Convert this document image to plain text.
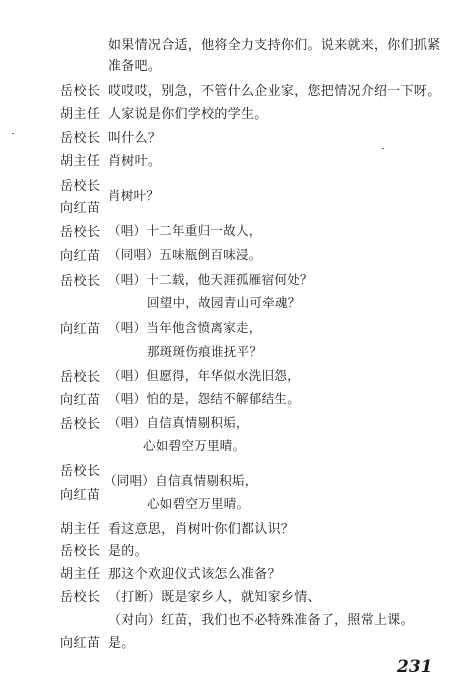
如果情况合适，他将全力支持你们。说来就来，你们抓紧
准备吧。
岳校长 哎哎哎，别急，不管什么企业家，您把情况介绍一下呀。
胡主任 人家说是你们学校的学生。
岳校长 叫什么？
胡主任 肖树叶。
岳校长
向红苗
肖树叶？
岳校长 （唱）十二年重归一故人，
向红苗 （同唱）五味瓶倒百味浸。
岳校长 （唱）十二载，他天涯孤雁宿何处？
回望中，故园青山可牵魂？
向红苗 （唱）当年他含愤离家走，
那斑斑伤痕谁抚平？
岳校长 （唱）但愿得，年华似水洗旧怨，
向红苗 （唱）怕的是，怨结不解郁结生。
岳校长 （唱）自信真情剔积垢，
心如碧空万里晴。
岳校长
向红苗
（同唱）自信真情剔积垢，
心如碧空万里晴。
胡主任 看这意思，肖树叶你们都认识？
岳校长 是的。
胡主任 那这个欢迎仪式该怎么准备？
岳校长 （打断）既是家乡人，就知家乡情、
（对向）红苗，我们也不必特殊准备了，照常上课。
向红苗 是。
231
